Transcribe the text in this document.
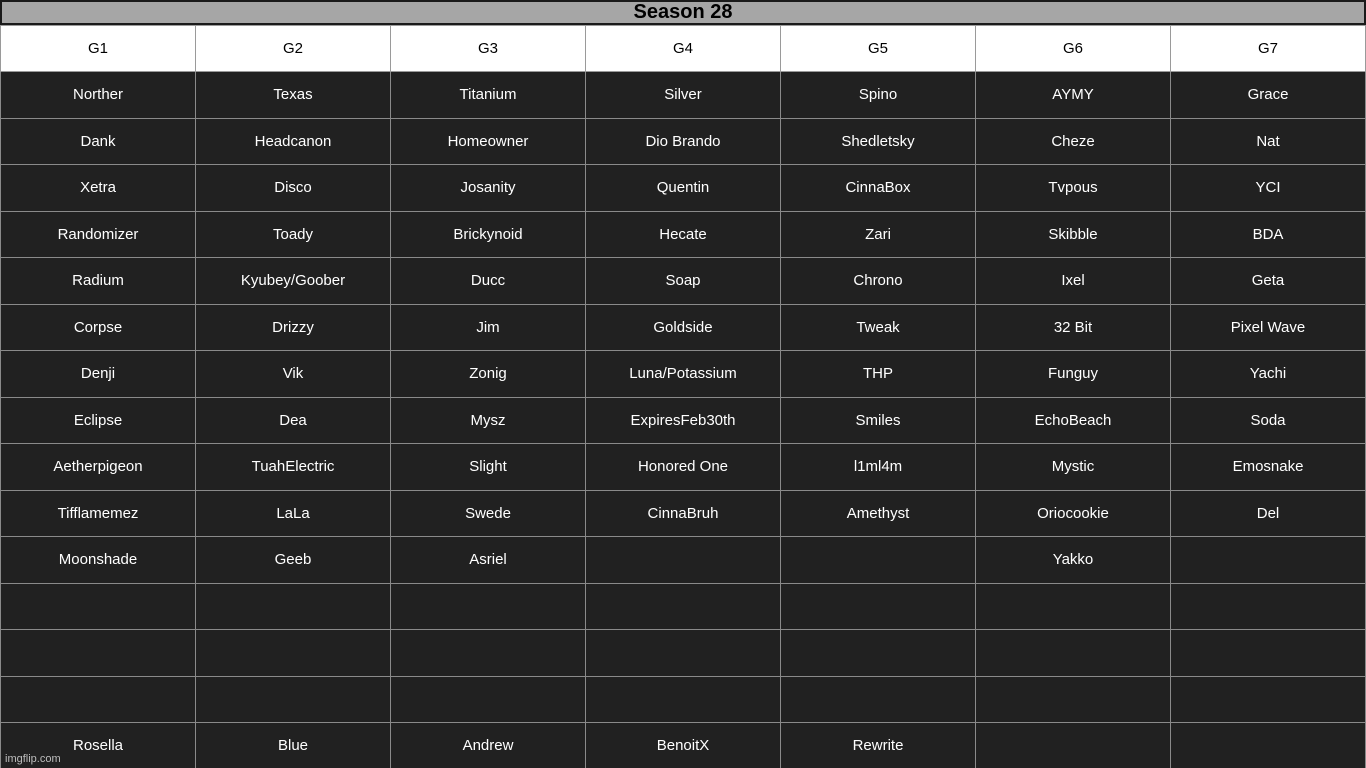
Season 28
G1	G2	G3	G4	G5	G6	G7
Norther	Texas	Titanium	Silver	Spino	AYMY	Grace
Dank	Headcanon	Homeowner	Dio Brando	Shedletsky	Cheze	Nat
Xetra	Disco	Josanity	Quentin	CinnaBox	Tvpous	YCI
Randomizer	Toady	Brickynoid	Hecate	Zari	Skibble	BDA
Radium	Kyubey/Goober	Ducc	Soap	Chrono	Ixel	Geta
Corpse	Drizzy	Jim	Goldside	Tweak	32 Bit	Pixel Wave
Denji	Vik	Zonig	Luna/Potassium	THP	Funguy	Yachi
Eclipse	Dea	Mysz	ExpiresFeb30th	Smiles	EchoBeach	Soda
Aetherpigeon	TuahElectric	Slight	Honored One	l1ml4m	Mystic	Emosnake
Tifflamemez	LaLa	Swede	CinnaBruh	Amethyst	Oriocookie	Del
Moonshade	Geeb	Asriel			Yakko	

Rosella	Blue	Andrew	BenoitX	Rewrite		
imgflip.com
